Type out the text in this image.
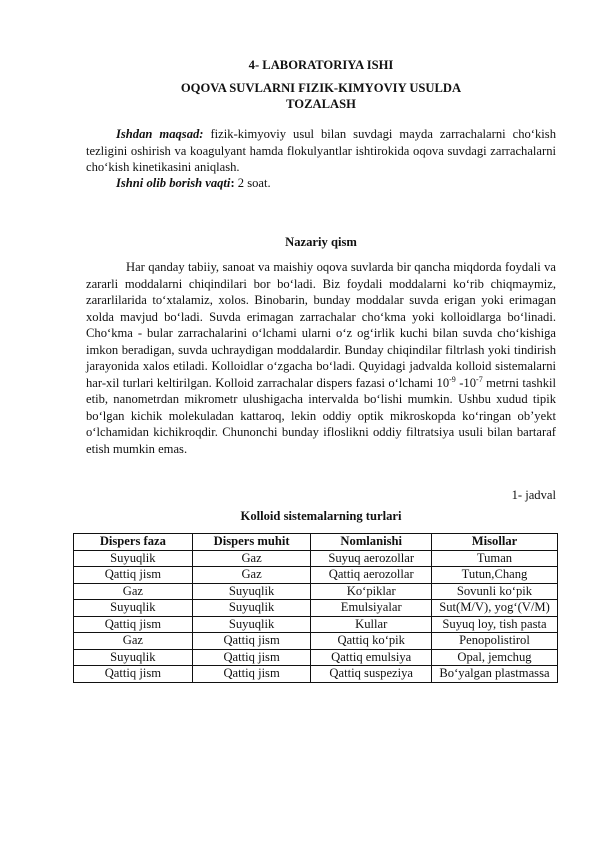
4- LABORATORIYA ISHI
OQOVA SUVLARNI FIZIK-KIMYOVIY USULDA
TOZALASH
Ishdan maqsad: fizik-kimyoviy usul bilan suvdagi mayda zarrachalarni cho‘kish tezligini oshirish va koagulyant hamda flokulyantlar ishtirokida oqova suvdagi zarrachalarni cho‘kish kinetikasini aniqlash.
Ishni olib borish vaqti: 2 soat.
Nazariy qism
Har qanday tabiiy, sanoat va maishiy oqova suvlarda bir qancha miqdorda foydali va zararli moddalarni chiqindilari bor bo‘ladi. Biz foydali moddalarni ko‘rib chiqmaymiz, zararlilarida to‘xtalamiz, xolos. Binobarin, bunday moddalar suvda erigan yoki erimagan xolda mavjud bo‘ladi. Suvda erimagan zarrachalar cho‘kma yoki kolloidlarga bo‘linadi. Cho‘kma - bular zarrachalarini o‘lchami ularni o‘z og‘irlik kuchi bilan suvda cho‘kishiga imkon beradigan, suvda uchraydigan moddalardir. Bunday chiqindilar filtrlash yoki tindirish jarayonida xalos etiladi. Kolloidlar o‘zgacha bo‘ladi. Quyidagi jadvalda kolloid sistemalarni har-xil turlari keltirilgan. Kolloid zarrachalar dispers fazasi o‘lchami $10^{-9}$ $-10^{-7}$ metrni tashkil etib, nanometrdan mikrometr ulushigacha intervalda bo‘lishi mumkin. Ushbu xudud tipik bo‘lgan kichik molekuladan kattaroq, lekin oddiy optik mikroskopda ko‘ringan ob’yekt o‘lchamidan kichikroqdir. Chunonchi bunday ifloslikni oddiy filtratsiya usuli bilan bartaraf etish mumkin emas.
1- jadval
Kolloid sistemalarning turlari
Dispers faza	Dispers muhit	Nomlanishi	Misollar
Suyuqlik	Gaz	Suyuq aerozollar	Tuman
Qattiq jism	Gaz	Qattiq aerozollar	Tutun,Chang
Gaz	Suyuqlik	Ko‘piklar	Sovunli ko‘pik
Suyuqlik	Suyuqlik	Emulsiyalar	Sut(M/V), yog‘(V/M)
Qattiq jism	Suyuqlik	Kullar	Suyuq loy, tish pasta
Gaz	Qattiq jism	Qattiq ko‘pik	Penopolistirol
Suyuqlik	Qattiq jism	Qattiq emulsiya	Opal, jemchug
Qattiq jism	Qattiq jism	Qattiq suspeziya	Bo‘yalgan plastmassa
